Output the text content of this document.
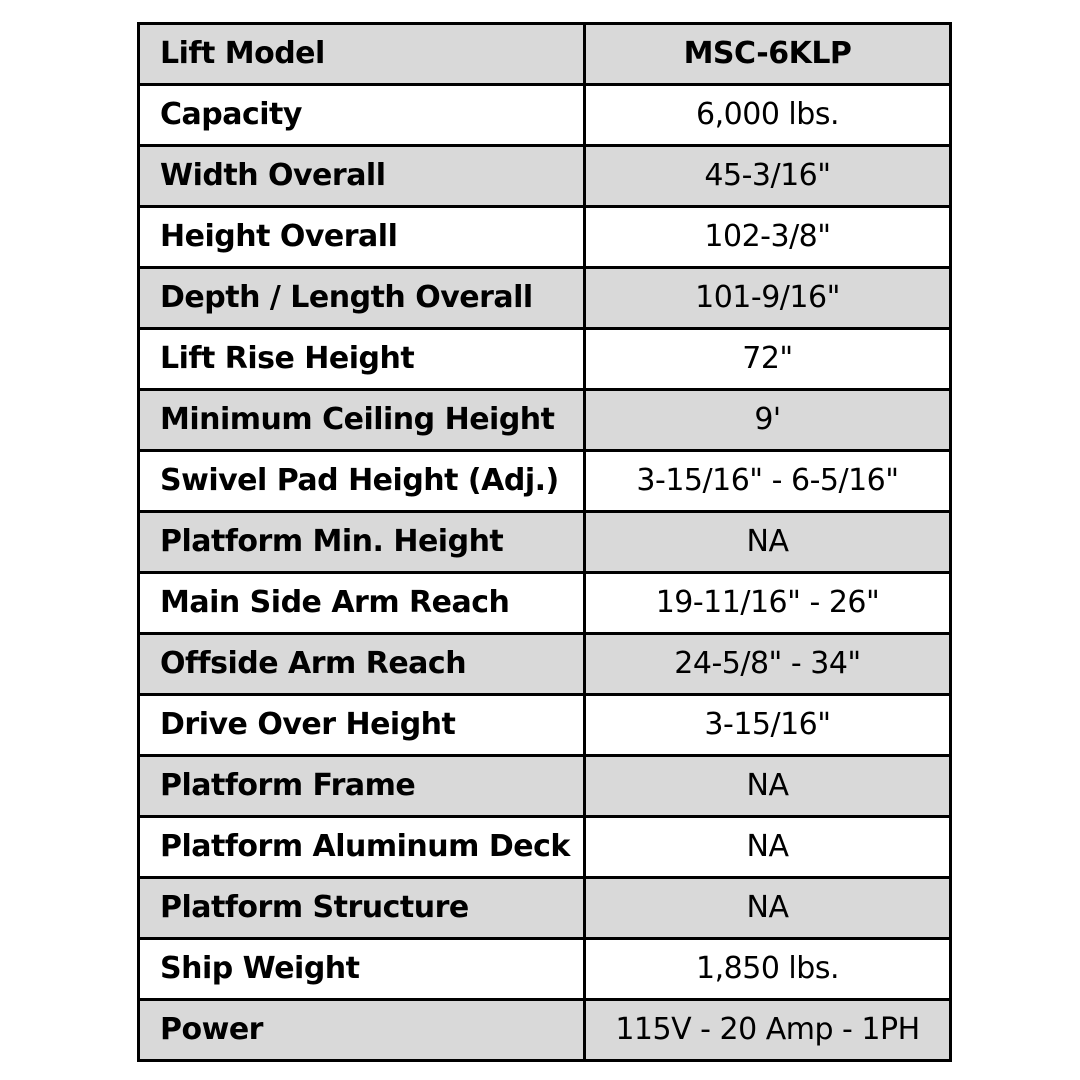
Lift Model	MSC-6KLP
Capacity	6,000 lbs.
Width Overall	45-3/16"
Height Overall	102-3/8"
Depth / Length Overall	101-9/16"
Lift Rise Height	72"
Minimum Ceiling Height	9'
Swivel Pad Height (Adj.)	3-15/16" - 6-5/16"
Platform Min. Height	NA
Main Side Arm Reach	19-11/16" - 26"
Offside Arm Reach	24-5/8" - 34"
Drive Over Height	3-15/16"
Platform Frame	NA
Platform Aluminum Deck	NA
Platform Structure	NA
Ship Weight	1,850 lbs.
Power	115V - 20 Amp - 1PH
